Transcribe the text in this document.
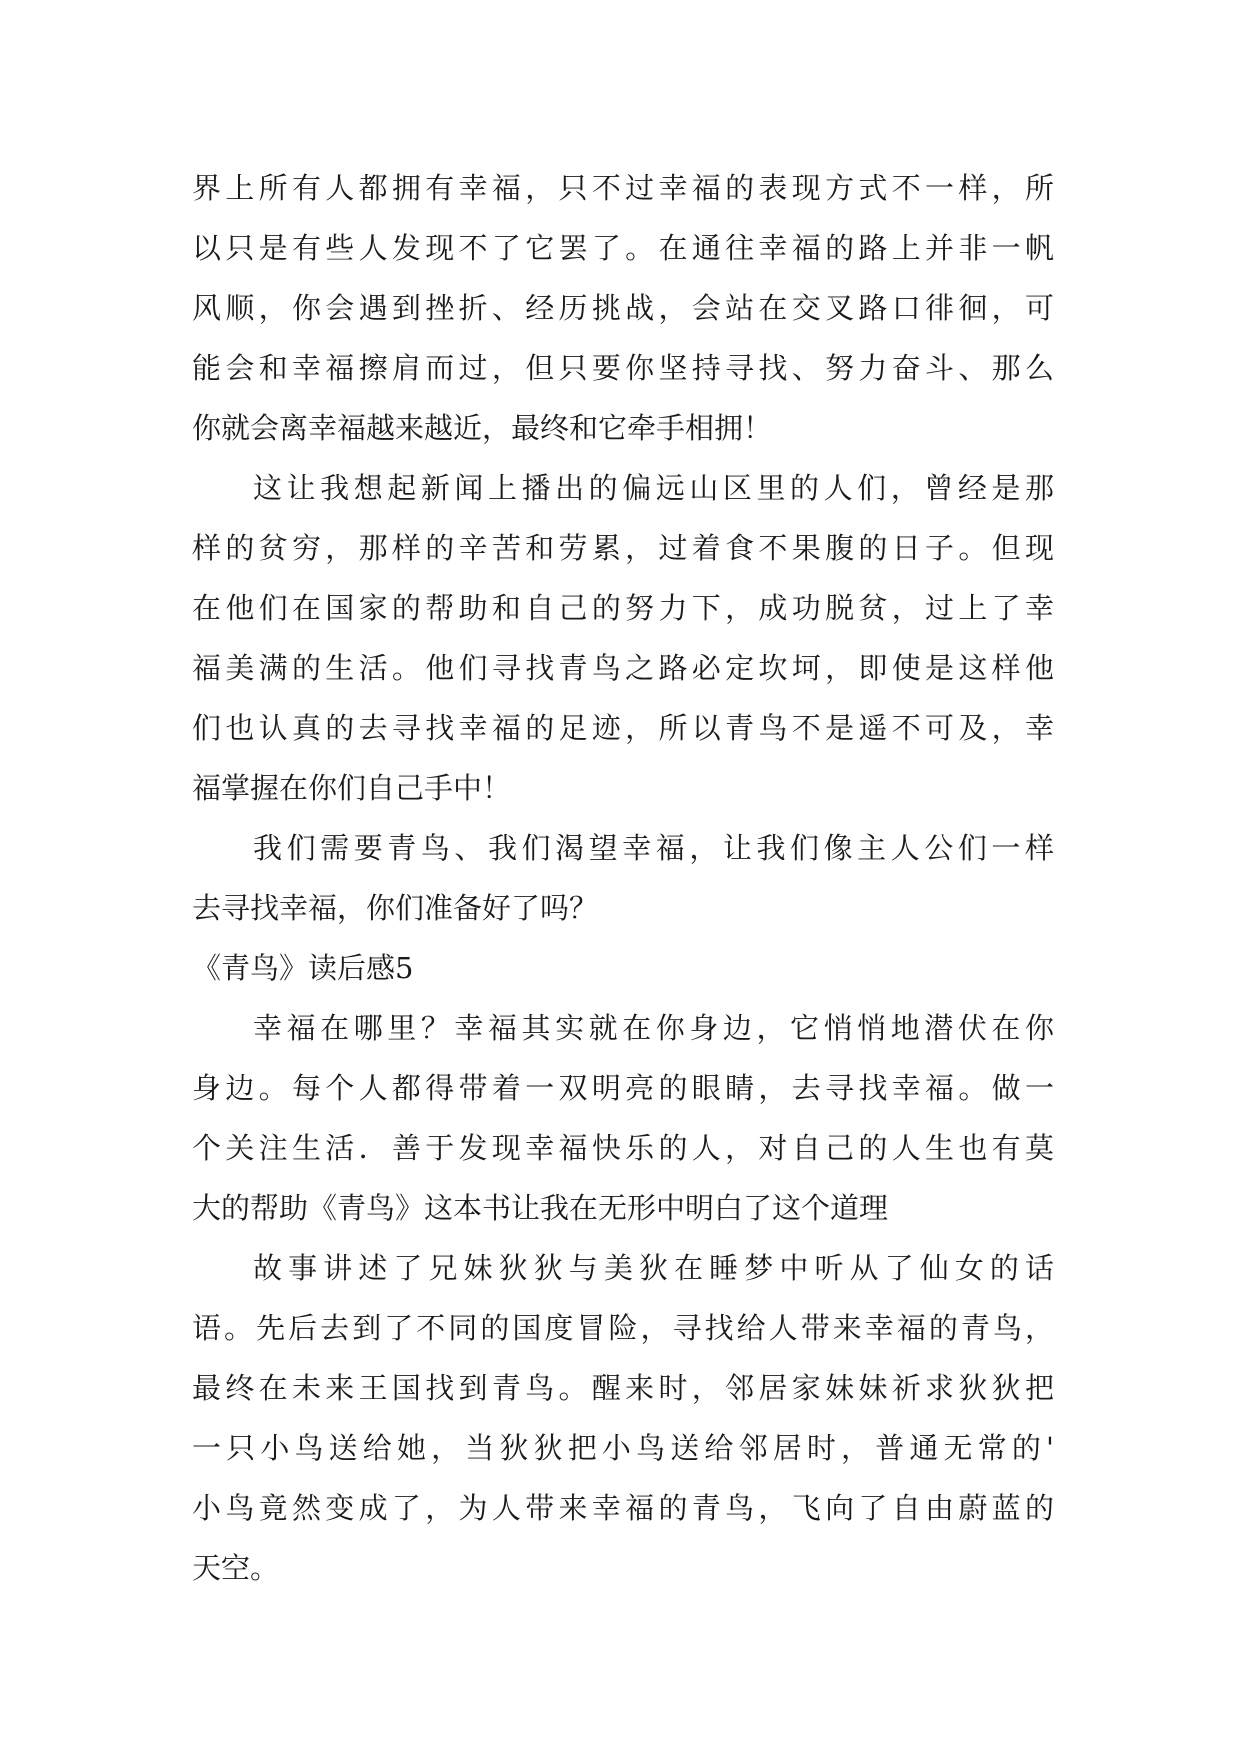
界上所有人都拥有幸福，只不过幸福的表现方式不一样，所
以只是有些人发现不了它罢了。在通往幸福的路上并非一帆
风顺，你会遇到挫折、经历挑战，会站在交叉路口徘徊，可
能会和幸福擦肩而过，但只要你坚持寻找、努力奋斗、那么
你就会离幸福越来越近，最终和它牵手相拥！
这让我想起新闻上播出的偏远山区里的人们，曾经是那
样的贫穷，那样的辛苦和劳累，过着食不果腹的日子。但现
在他们在国家的帮助和自己的努力下，成功脱贫，过上了幸
福美满的生活。他们寻找青鸟之路必定坎坷，即使是这样他
们也认真的去寻找幸福的足迹，所以青鸟不是遥不可及，幸
福掌握在你们自己手中！
我们需要青鸟、我们渴望幸福，让我们像主人公们一样
去寻找幸福，你们准备好了吗？
《青鸟》读后感5
幸福在哪里？幸福其实就在你身边，它悄悄地潜伏在你
身边。每个人都得带着一双明亮的眼睛，去寻找幸福。做一
个关注生活．善于发现幸福快乐的人，对自己的人生也有莫
大的帮助《青鸟》这本书让我在无形中明白了这个道理
故事讲述了兄妹狄狄与美狄在睡梦中听从了仙女的话
语。先后去到了不同的国度冒险，寻找给人带来幸福的青鸟，
最终在未来王国找到青鸟。醒来时，邻居家妹妹祈求狄狄把
一只小鸟送给她，当狄狄把小鸟送给邻居时，普通无常的'
小鸟竟然变成了，为人带来幸福的青鸟，飞向了自由蔚蓝的
天空。
